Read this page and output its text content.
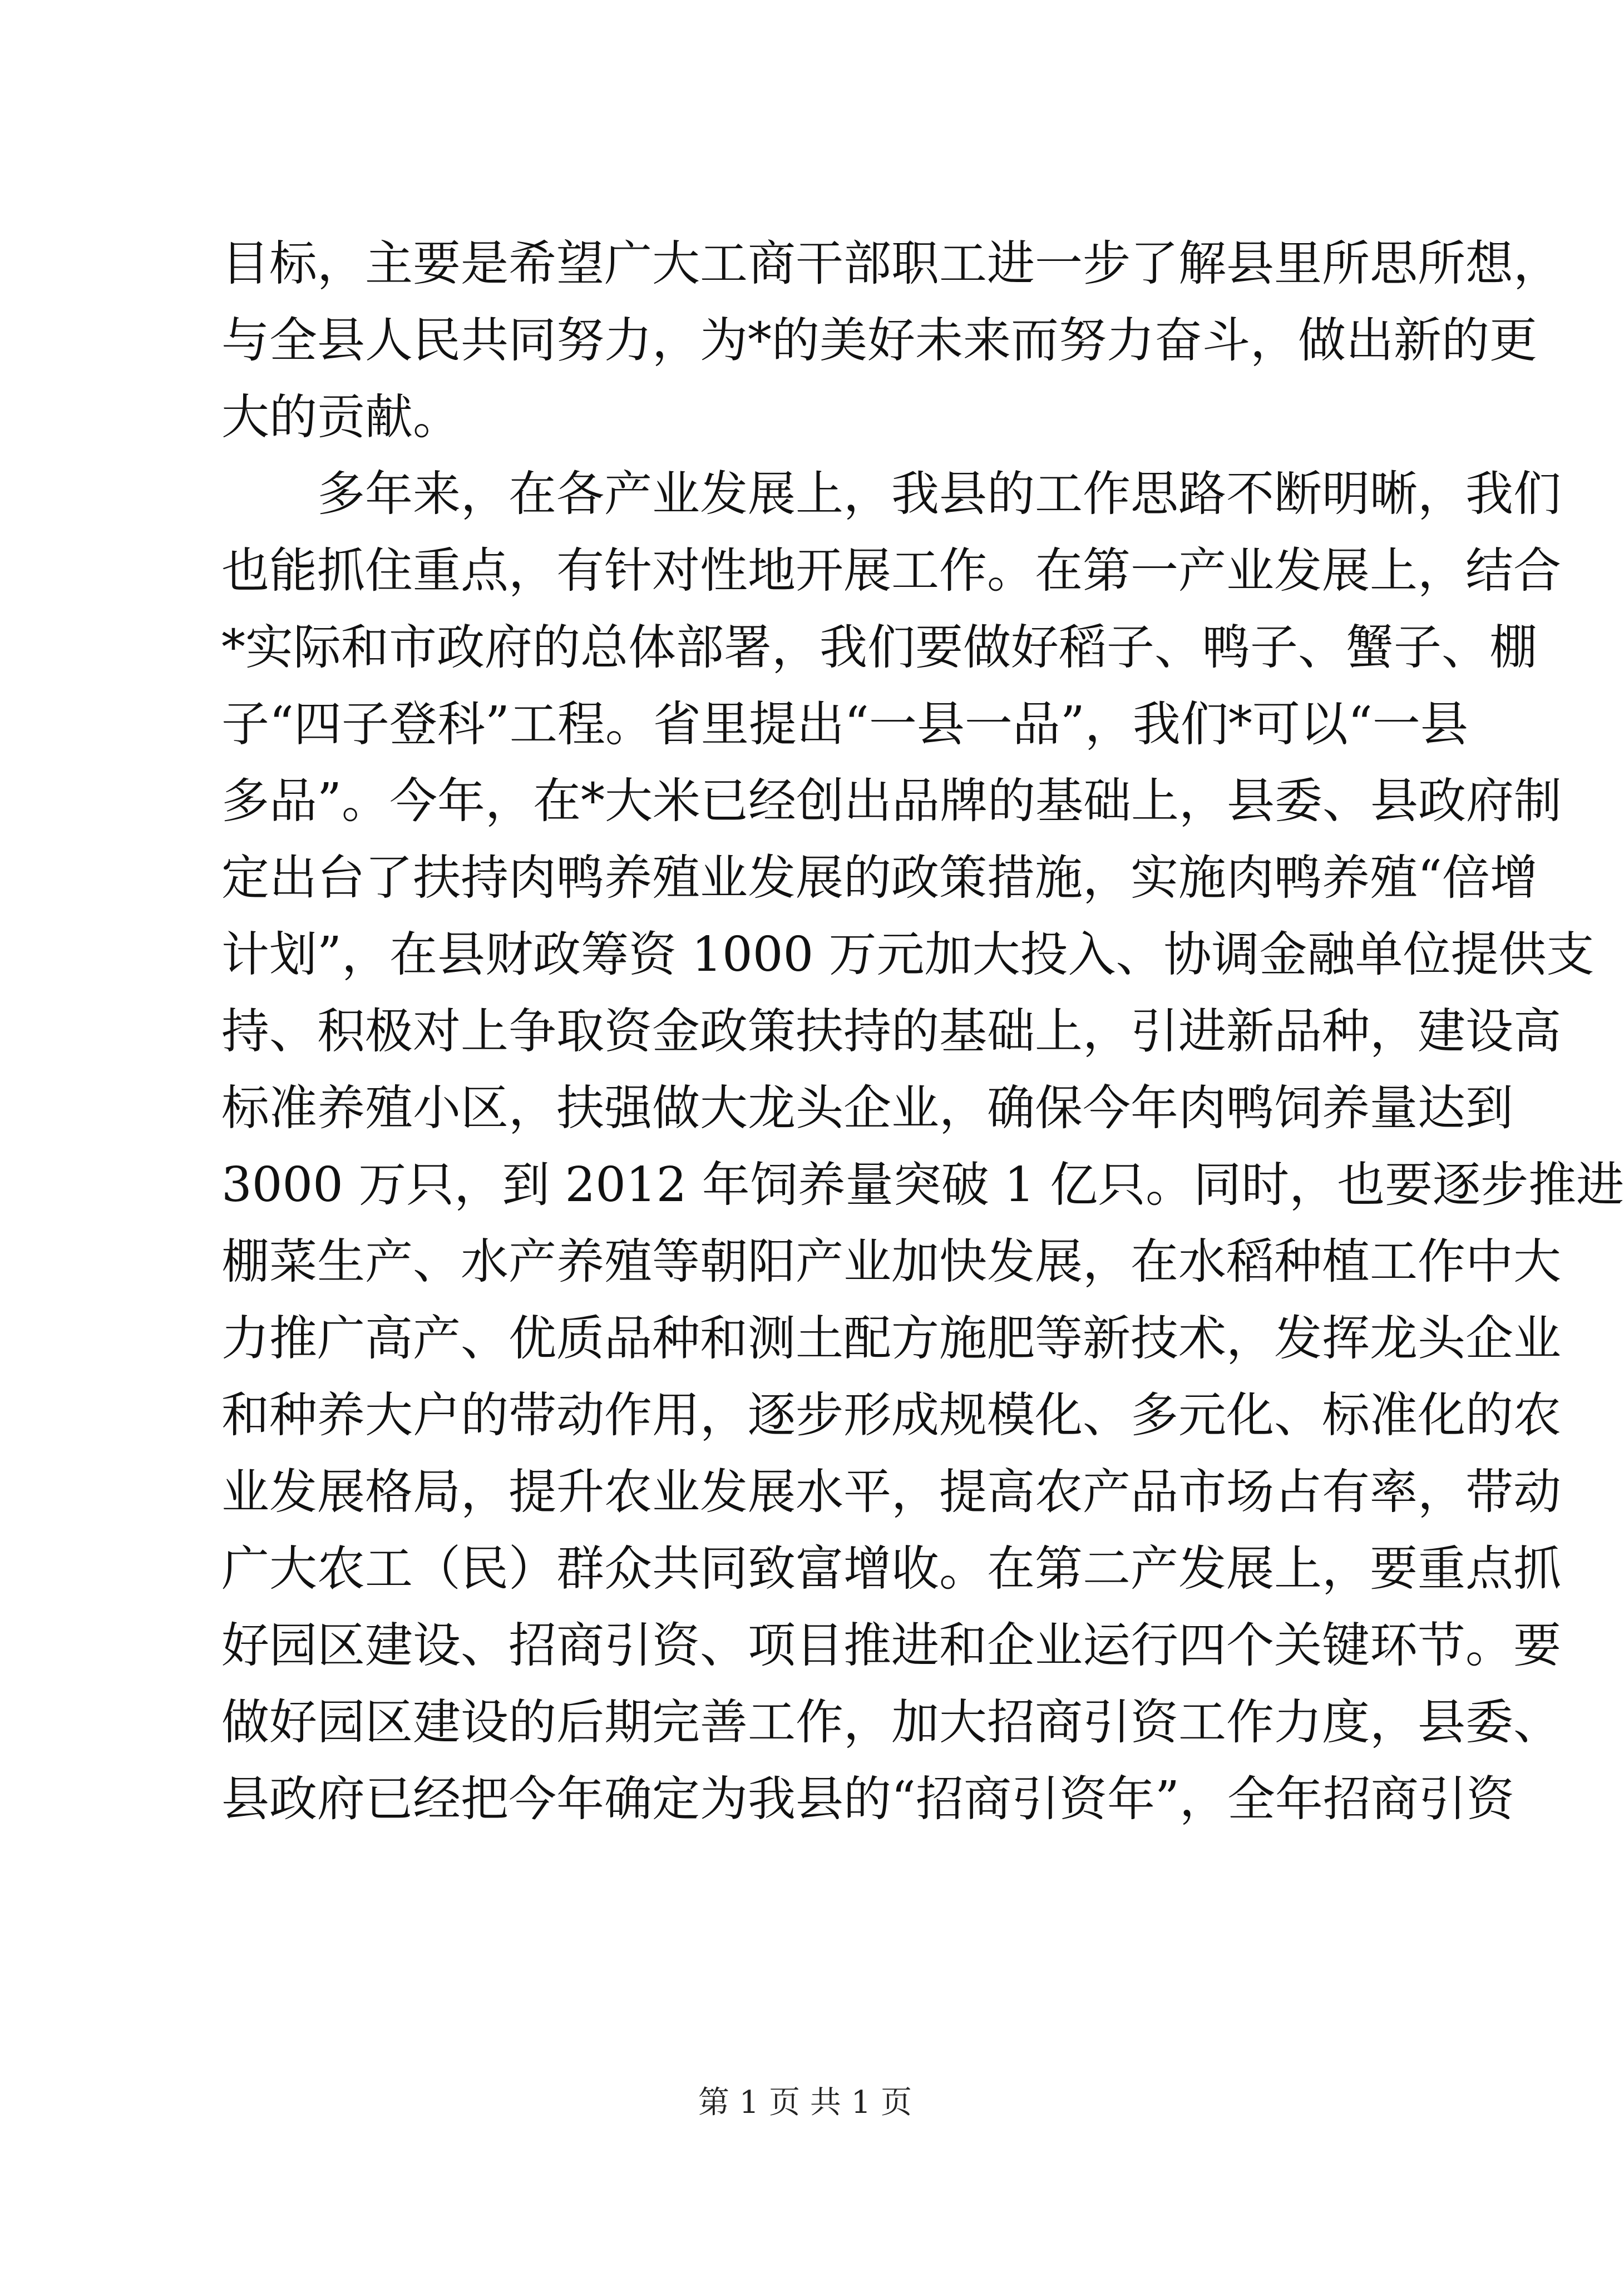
目标，主要是希望广大工商干部职工进一步了解县里所思所想，
与全县人民共同努力，为*的美好未来而努力奋斗，做出新的更
大的贡献。
多年来，在各产业发展上，我县的工作思路不断明晰，我们
也能抓住重点，有针对性地开展工作。在第一产业发展上，结合
*实际和市政府的总体部署，我们要做好稻子、鸭子、蟹子、棚
子“四子登科”工程。省里提出“一县一品”，我们*可以“一县
多品”。今年，在*大米已经创出品牌的基础上，县委、县政府制
定出台了扶持肉鸭养殖业发展的政策措施，实施肉鸭养殖“倍增
计划”，在县财政筹资 1000 万元加大投入、协调金融单位提供支
持、积极对上争取资金政策扶持的基础上，引进新品种，建设高
标准养殖小区，扶强做大龙头企业，确保今年肉鸭饲养量达到
3000 万只，到 2012 年饲养量突破 1 亿只。同时，也要逐步推进
棚菜生产、水产养殖等朝阳产业加快发展，在水稻种植工作中大
力推广高产、优质品种和测土配方施肥等新技术，发挥龙头企业
和种养大户的带动作用，逐步形成规模化、多元化、标准化的农
业发展格局，提升农业发展水平，提高农产品市场占有率，带动
广大农工（民）群众共同致富增收。在第二产发展上，要重点抓
好园区建设、招商引资、项目推进和企业运行四个关键环节。要
做好园区建设的后期完善工作，加大招商引资工作力度，县委、
县政府已经把今年确定为我县的“招商引资年”，全年招商引资
第 1 页 共 1 页
